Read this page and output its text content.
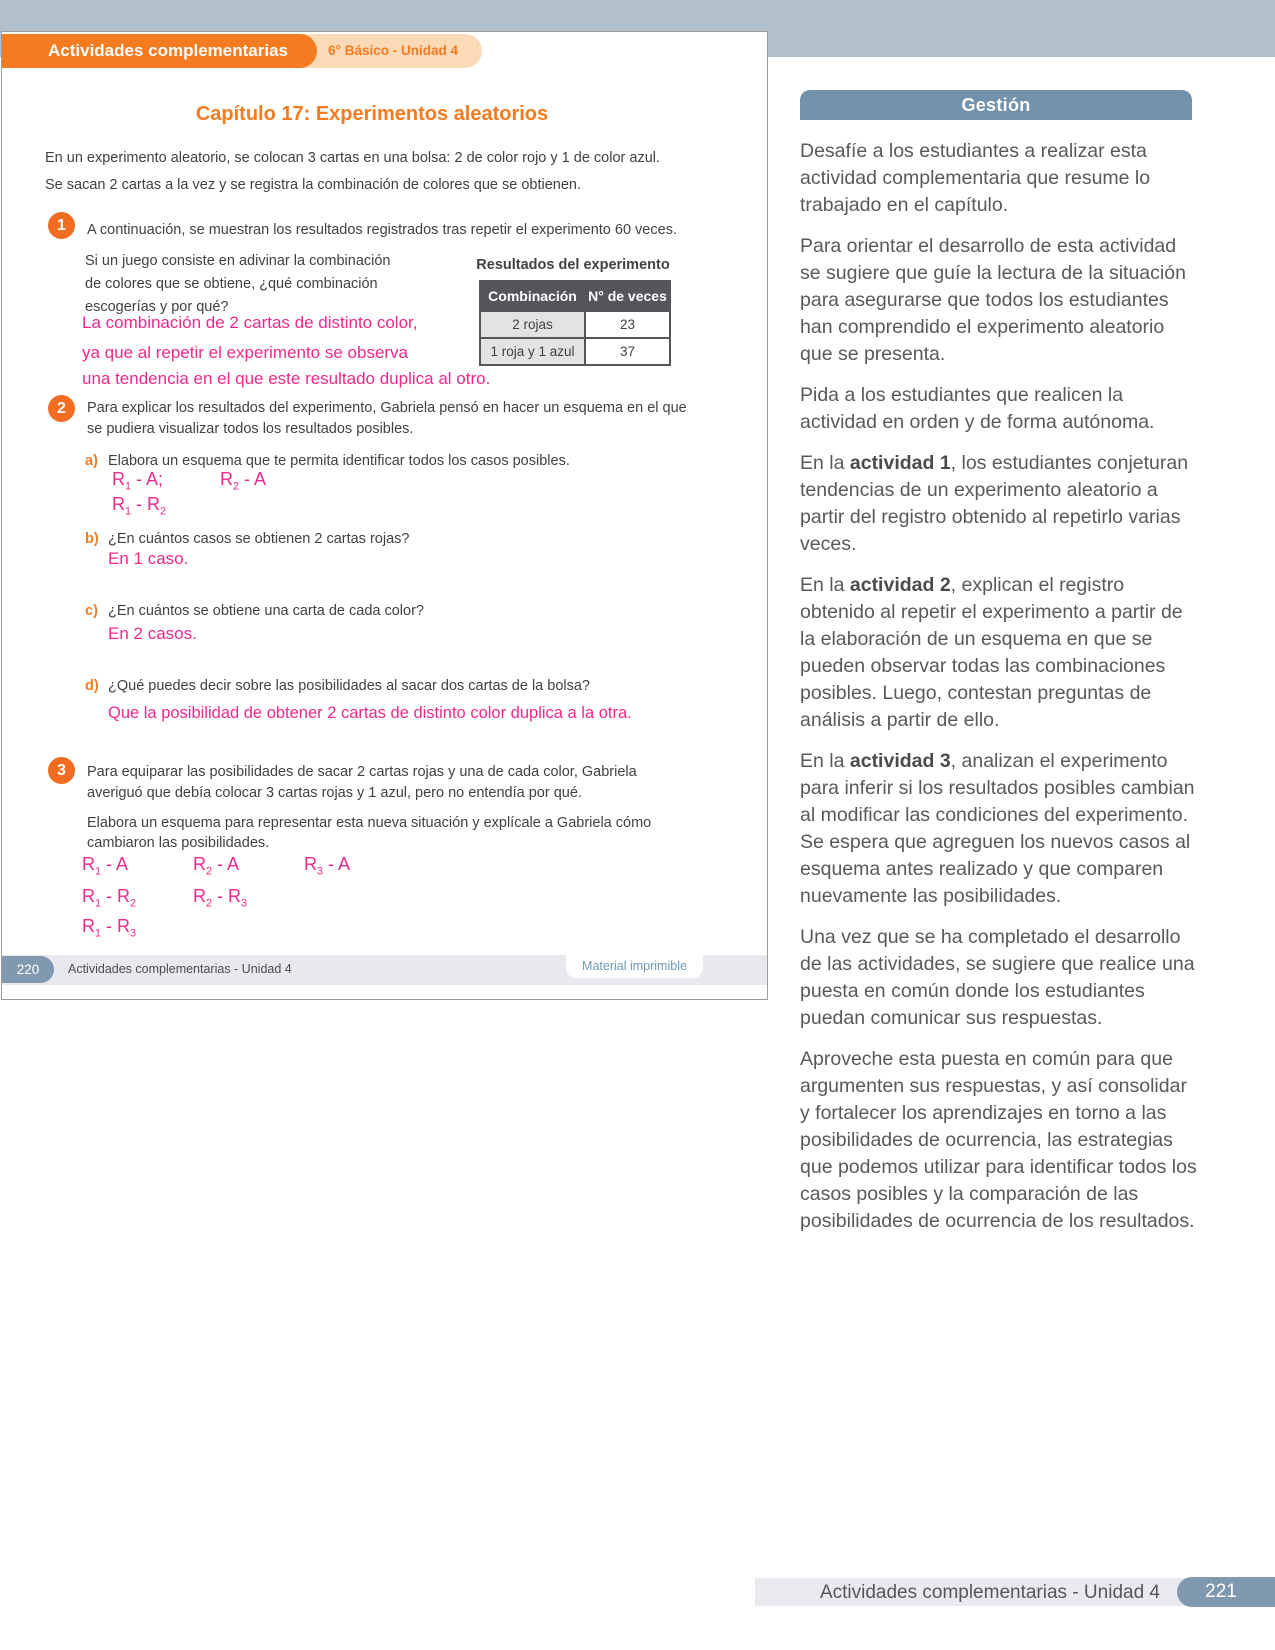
6° Básico - Unidad 4
Actividades complementarias
Capítulo 17: Experimentos aleatorios
En un experimento aleatorio, se colocan 3 cartas en una bolsa: 2 de color rojo y 1 de color azul.
Se sacan 2 cartas a la vez y se registra la combinación de colores que se obtienen.
1	A continuación, se muestran los resultados registrados tras repetir el experimento 60 veces.
Si un juego consiste en adivinar la combinación
de colores que se obtiene, ¿qué combinación
escogerías y por qué?
La combinación de 2 cartas de distinto color,
ya que al repetir el experimento se observa
una tendencia en el que este resultado duplica al otro.
Resultados del experimento
Combinación	N° de veces
2 rojas	23
1 roja y 1 azul	37
2	Para explicar los resultados del experimento, Gabriela pensó en hacer un esquema en el que
se pudiera visualizar todos los resultados posibles.
a) Elabora un esquema que te permita identificar todos los casos posibles.
$R_1$ - A;	$R_2$ - A
$R_1 - R_2$
b) ¿En cuántos casos se obtienen 2 cartas rojas?
En 1 caso.
c) ¿En cuántos se obtiene una carta de cada color?
En 2 casos.
d) ¿Qué puedes decir sobre las posibilidades al sacar dos cartas de la bolsa?
Que la posibilidad de obtener 2 cartas de distinto color duplica a la otra.
3	Para equiparar las posibilidades de sacar 2 cartas rojas y una de cada color, Gabriela
averiguó que debía colocar 3 cartas rojas y 1 azul, pero no entendía por qué.
Elabora un esquema para representar esta nueva situación y explícale a Gabriela cómo
cambiaron las posibilidades.
$R_1$ - A	$R_2$ - A	$R_3$ - A
$R_1 - R_2$	$R_2 - R_3$
$R_1 - R_3$
220	Actividades complementarias - Unidad 4	Material imprimible
Gestión

Desafíe a los estudiantes a realizar esta actividad complementaria que resume lo trabajado en el capítulo.

Para orientar el desarrollo de esta actividad se sugiere que guíe la lectura de la situación para asegurarse que todos los estudiantes han comprendido el experimento aleatorio que se presenta.

Pida a los estudiantes que realicen la actividad en orden y de forma autónoma.

En la actividad 1, los estudiantes conjeturan tendencias de un experimento aleatorio a partir del registro obtenido al repetirlo varias veces.

En la actividad 2, explican el registro obtenido al repetir el experimento a partir de la elaboración de un esquema en que se pueden observar todas las combinaciones posibles. Luego, contestan preguntas de análisis a partir de ello.

En la actividad 3, analizan el experimento para inferir si los resultados posibles cambian al modificar las condiciones del experimento. Se espera que agreguen los nuevos casos al esquema antes realizado y que comparen nuevamente las posibilidades.

Una vez que se ha completado el desarrollo de las actividades, se sugiere que realice una puesta en común donde los estudiantes puedan comunicar sus respuestas.

Aproveche esta puesta en común para que argumenten sus respuestas, y así consolidar y fortalecer los aprendizajes en torno a las posibilidades de ocurrencia, las estrategias que podemos utilizar para identificar todos los casos posibles y la comparación de las posibilidades de ocurrencia de los resultados.

Actividades complementarias - Unidad 4	221
